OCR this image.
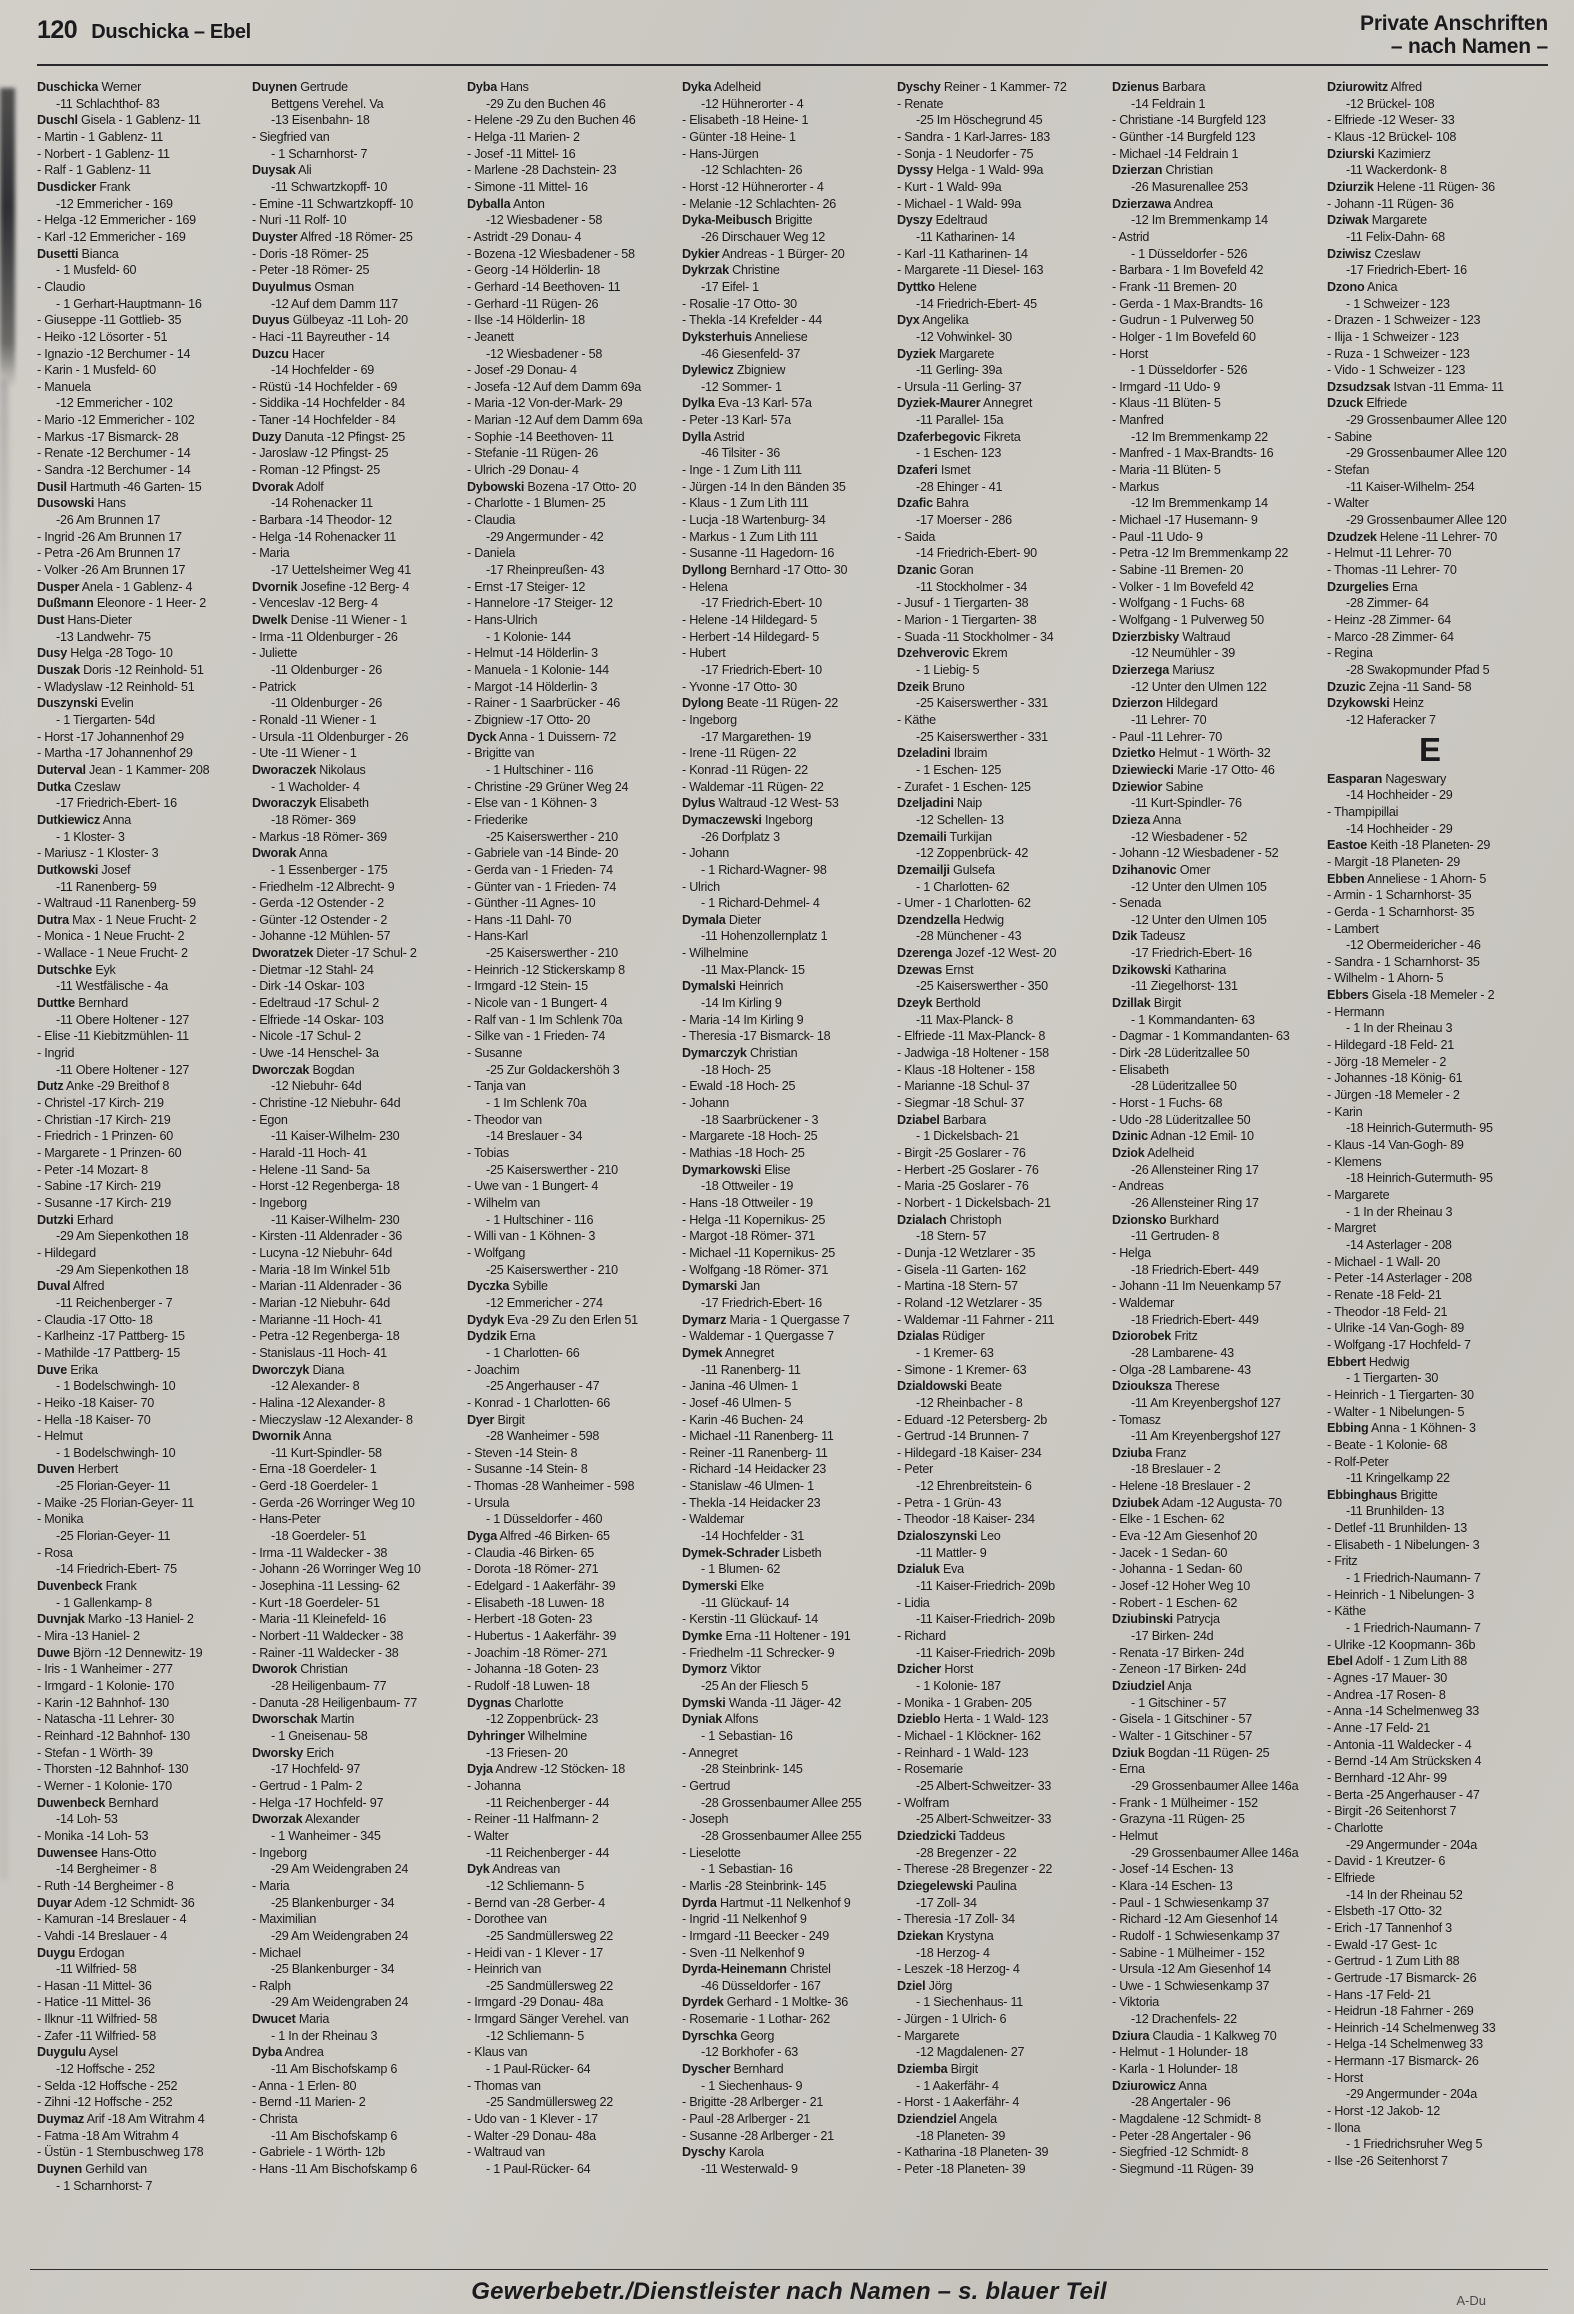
120 Duschicka – Ebel	Private Anschriften
– nach Namen –
Duschicka Werner
-11 Schlachthof- 83
Duschl Gisela - 1 Gablenz- 11
- Martin - 1 Gablenz- 11
- Norbert - 1 Gablenz- 11
- Ralf - 1 Gablenz- 11
Dusdicker Frank
-12 Emmericher - 169
- Helga -12 Emmericher - 169
- Karl -12 Emmericher - 169
Dusetti Bianca
- 1 Musfeld- 60
- Claudio
- 1 Gerhart-Hauptmann- 16
- Giuseppe -11 Gottlieb- 35
- Heiko -12 Lösorter - 51
- Ignazio -12 Berchumer - 14
- Karin - 1 Musfeld- 60
- Manuela
-12 Emmericher - 102
- Mario -12 Emmericher - 102
- Markus -17 Bismarck- 28
- Renate -12 Berchumer - 14
- Sandra -12 Berchumer - 14
Dusil Hartmuth -46 Garten- 15
Dusowski Hans
-26 Am Brunnen 17
- Ingrid -26 Am Brunnen 17
- Petra -26 Am Brunnen 17
- Volker -26 Am Brunnen 17
Dusper Anela - 1 Gablenz- 4
Dußmann Eleonore - 1 Heer- 2
Dust Hans-Dieter
-13 Landwehr- 75
Dusy Helga -28 Togo- 10
Duszak Doris -12 Reinhold- 51
- Wladyslaw -12 Reinhold- 51
Duszynski Evelin
- 1 Tiergarten- 54d
- Horst -17 Johannenhof 29
- Martha -17 Johannenhof 29
Duterval Jean - 1 Kammer- 208
Dutka Czeslaw
-17 Friedrich-Ebert- 16
Dutkiewicz Anna
- 1 Kloster- 3
- Mariusz - 1 Kloster- 3
Dutkowski Josef
-11 Ranenberg- 59
- Waltraud -11 Ranenberg- 59
Dutra Max - 1 Neue Frucht- 2
- Monica - 1 Neue Frucht- 2
- Wallace - 1 Neue Frucht- 2
Dutschke Eyk
-11 Westfälische - 4a
Duttke Bernhard
-11 Obere Holtener - 127
- Elise -11 Kiebitzmühlen- 11
- Ingrid
-11 Obere Holtener - 127
Dutz Anke -29 Breithof 8
- Christel -17 Kirch- 219
- Christian -17 Kirch- 219
- Friedrich - 1 Prinzen- 60
- Margarete - 1 Prinzen- 60
- Peter -14 Mozart- 8
- Sabine -17 Kirch- 219
- Susanne -17 Kirch- 219
Dutzki Erhard
-29 Am Siepenkothen 18
- Hildegard
-29 Am Siepenkothen 18
Duval Alfred
-11 Reichenberger - 7
- Claudia -17 Otto- 18
- Karlheinz -17 Pattberg- 15
- Mathilde -17 Pattberg- 15
Duve Erika
- 1 Bodelschwingh- 10
- Heiko -18 Kaiser- 70
- Hella -18 Kaiser- 70
- Helmut
- 1 Bodelschwingh- 10
Duven Herbert
-25 Florian-Geyer- 11
- Maike -25 Florian-Geyer- 11
- Monika
-25 Florian-Geyer- 11
- Rosa
-14 Friedrich-Ebert- 75
Duvenbeck Frank
- 1 Gallenkamp- 8
Duvnjak Marko -13 Haniel- 2
- Mira -13 Haniel- 2
Duwe Björn -12 Dennewitz- 19
- Iris - 1 Wanheimer - 277
- Irmgard - 1 Kolonie- 170
- Karin -12 Bahnhof- 130
- Natascha -11 Lehrer- 30
- Reinhard -12 Bahnhof- 130
- Stefan - 1 Wörth- 39
- Thorsten -12 Bahnhof- 130
- Werner - 1 Kolonie- 170
Duwenbeck Bernhard
-14 Loh- 53
- Monika -14 Loh- 53
Duwensee Hans-Otto
-14 Bergheimer - 8
- Ruth -14 Bergheimer - 8
Duyar Adem -12 Schmidt- 36
- Kamuran -14 Breslauer - 4
- Vahdi -14 Breslauer - 4
Duygu Erdogan
-11 Wilfried- 58
- Hasan -11 Mittel- 36
- Hatice -11 Mittel- 36
- Ilknur -11 Wilfried- 58
- Zafer -11 Wilfried- 58
Duygulu Aysel
-12 Hoffsche - 252
- Selda -12 Hoffsche - 252
- Zihni -12 Hoffsche - 252
Duymaz Arif -18 Am Witrahm 4
- Fatma -18 Am Witrahm 4
- Üstün - 1 Sternbuschweg 178
Duynen Gerhild van
- 1 Scharnhorst- 7
Duynen Gertrude
Bettgens Verehel. Va
-13 Eisenbahn- 18
- Siegfried van
- 1 Scharnhorst- 7
Duysak Ali
-11 Schwartzkopff- 10
- Emine -11 Schwartzkopff- 10
- Nuri -11 Rolf- 10
Duyster Alfred -18 Römer- 25
- Doris -18 Römer- 25
- Peter -18 Römer- 25
Duyulmus Osman
-12 Auf dem Damm 117
Duyus Gülbeyaz -11 Loh- 20
- Haci -11 Bayreuther - 14
Duzcu Hacer
-14 Hochfelder - 69
- Rüstü -14 Hochfelder - 69
- Siddika -14 Hochfelder - 84
- Taner -14 Hochfelder - 84
Duzy Danuta -12 Pfingst- 25
- Jaroslaw -12 Pfingst- 25
- Roman -12 Pfingst- 25
Dvorak Adolf
-14 Rohenacker 11
- Barbara -14 Theodor- 12
- Helga -14 Rohenacker 11
- Maria
-17 Uettelsheimer Weg 41
Dvornik Josefine -12 Berg- 4
- Venceslav -12 Berg- 4
Dwelk Denise -11 Wiener - 1
- Irma -11 Oldenburger - 26
- Juliette
-11 Oldenburger - 26
- Patrick
-11 Oldenburger - 26
- Ronald -11 Wiener - 1
- Ursula -11 Oldenburger - 26
- Ute -11 Wiener - 1
Dworaczek Nikolaus
- 1 Wacholder- 4
Dworaczyk Elisabeth
-18 Römer- 369
- Markus -18 Römer- 369
Dworak Anna
- 1 Essenberger - 175
- Friedhelm -12 Albrecht- 9
- Gerda -12 Ostender - 2
- Günter -12 Ostender - 2
- Johanne -12 Mühlen- 57
Dworatzek Dieter -17 Schul- 2
- Dietmar -12 Stahl- 24
- Dirk -14 Oskar- 103
- Edeltraud -17 Schul- 2
- Elfriede -14 Oskar- 103
- Nicole -17 Schul- 2
- Uwe -14 Henschel- 3a
Dworczak Bogdan
-12 Niebuhr- 64d
- Christine -12 Niebuhr- 64d
- Egon
-11 Kaiser-Wilhelm- 230
- Harald -11 Hoch- 41
- Helene -11 Sand- 5a
- Horst -12 Regenberga- 18
- Ingeborg
-11 Kaiser-Wilhelm- 230
- Kirsten -11 Aldenrader - 36
- Lucyna -12 Niebuhr- 64d
- Maria -18 Im Winkel 51b
- Marian -11 Aldenrader - 36
- Marian -12 Niebuhr- 64d
- Marianne -11 Hoch- 41
- Petra -12 Regenberga- 18
- Stanislaus -11 Hoch- 41
Dworczyk Diana
-12 Alexander- 8
- Halina -12 Alexander- 8
- Mieczyslaw -12 Alexander- 8
Dwornik Anna
-11 Kurt-Spindler- 58
- Erna -18 Goerdeler- 1
- Gerd -18 Goerdeler- 1
- Gerda -26 Worringer Weg 10
- Hans-Peter
-18 Goerdeler- 51
- Irma -11 Waldecker - 38
- Johann -26 Worringer Weg 10
- Josephina -11 Lessing- 62
- Kurt -18 Goerdeler- 51
- Maria -11 Kleinefeld- 16
- Norbert -11 Waldecker - 38
- Rainer -11 Waldecker - 38
Dworok Christian
-28 Heiligenbaum- 77
- Danuta -28 Heiligenbaum- 77
Dworschak Martin
- 1 Gneisenau- 58
Dworsky Erich
-17 Hochfeld- 97
- Gertrud - 1 Palm- 2
- Helga -17 Hochfeld- 97
Dworzak Alexander
- 1 Wanheimer - 345
- Ingeborg
-29 Am Weidengraben 24
- Maria
-25 Blankenburger - 34
- Maximilian
-29 Am Weidengraben 24
- Michael
-25 Blankenburger - 34
- Ralph
-29 Am Weidengraben 24
Dwucet Maria
- 1 In der Rheinau 3
Dyba Andrea
-11 Am Bischofskamp 6
- Anna - 1 Erlen- 80
- Bernd -11 Marien- 2
- Christa
-11 Am Bischofskamp 6
- Gabriele - 1 Wörth- 12b
- Hans -11 Am Bischofskamp 6
Dyba Hans
-29 Zu den Buchen 46
- Helene -29 Zu den Buchen 46
- Helga -11 Marien- 2
- Josef -11 Mittel- 16
- Marlene -28 Dachstein- 23
- Simone -11 Mittel- 16
Dyballa Anton
-12 Wiesbadener - 58
- Astridt -29 Donau- 4
- Bozena -12 Wiesbadener - 58
- Georg -14 Hölderlin- 18
- Gerhard -14 Beethoven- 11
- Gerhard -11 Rügen- 26
- Ilse -14 Hölderlin- 18
- Jeanett
-12 Wiesbadener - 58
- Josef -29 Donau- 4
- Josefa -12 Auf dem Damm 69a
- Maria -12 Von-der-Mark- 29
- Marian -12 Auf dem Damm 69a
- Sophie -14 Beethoven- 11
- Stefanie -11 Rügen- 26
- Ulrich -29 Donau- 4
Dybowski Bozena -17 Otto- 20
- Charlotte - 1 Blumen- 25
- Claudia
-29 Angermunder - 42
- Daniela
-17 Rheinpreußen- 43
- Ernst -17 Steiger- 12
- Hannelore -17 Steiger- 12
- Hans-Ulrich
- 1 Kolonie- 144
- Helmut -14 Hölderlin- 3
- Manuela - 1 Kolonie- 144
- Margot -14 Hölderlin- 3
- Rainer - 1 Saarbrücker - 46
- Zbigniew -17 Otto- 20
Dyck Anna - 1 Duissern- 72
- Brigitte van
- 1 Hultschiner - 116
- Christine -29 Grüner Weg 24
- Else van - 1 Köhnen- 3
- Friederike
-25 Kaiserswerther - 210
- Gabriele van -14 Binde- 20
- Gerda van - 1 Frieden- 74
- Günter van - 1 Frieden- 74
- Günther -11 Agnes- 10
- Hans -11 Dahl- 70
- Hans-Karl
-25 Kaiserswerther - 210
- Heinrich -12 Stickerskamp 8
- Irmgard -12 Stein- 15
- Nicole van - 1 Bungert- 4
- Ralf van - 1 Im Schlenk 70a
- Silke van - 1 Frieden- 74
- Susanne
-25 Zur Goldackershöh 3
- Tanja van
- 1 Im Schlenk 70a
- Theodor van
-14 Breslauer - 34
- Tobias
-25 Kaiserswerther - 210
- Uwe van - 1 Bungert- 4
- Wilhelm van
- 1 Hultschiner - 116
- Willi van - 1 Köhnen- 3
- Wolfgang
-25 Kaiserswerther - 210
Dyczka Sybille
-12 Emmericher - 274
Dydyk Eva -29 Zu den Erlen 51
Dydzik Erna
- 1 Charlotten- 66
- Joachim
-25 Angerhauser - 47
- Konrad - 1 Charlotten- 66
Dyer Birgit
-28 Wanheimer - 598
- Steven -14 Stein- 8
- Susanne -14 Stein- 8
- Thomas -28 Wanheimer - 598
- Ursula
- 1 Düsseldorfer - 460
Dyga Alfred -46 Birken- 65
- Claudia -46 Birken- 65
- Dorota -18 Römer- 271
- Edelgard - 1 Aakerfähr- 39
- Elisabeth -18 Luwen- 18
- Herbert -18 Goten- 23
- Hubertus - 1 Aakerfähr- 39
- Joachim -18 Römer- 271
- Johanna -18 Goten- 23
- Rudolf -18 Luwen- 18
Dygnas Charlotte
-12 Zoppenbrück- 23
Dyhringer Wilhelmine
-13 Friesen- 20
Dyja Andrew -12 Stöcken- 18
- Johanna
-11 Reichenberger - 44
- Reiner -11 Halfmann- 2
- Walter
-11 Reichenberger - 44
Dyk Andreas van
-12 Schliemann- 5
- Bernd van -28 Gerber- 4
- Dorothee van
-25 Sandmüllersweg 22
- Heidi van - 1 Klever - 17
- Heinrich van
-25 Sandmüllersweg 22
- Irmgard -29 Donau- 48a
- Irmgard Sänger Verehel. van
-12 Schliemann- 5
- Klaus van
- 1 Paul-Rücker- 64
- Thomas van
-25 Sandmüllersweg 22
- Udo van - 1 Klever - 17
- Walter -29 Donau- 48a
- Waltraud van
- 1 Paul-Rücker- 64
Dyka Adelheid
-12 Hühnerorter - 4
- Elisabeth -18 Heine- 1
- Günter -18 Heine- 1
- Hans-Jürgen
-12 Schlachten- 26
- Horst -12 Hühnerorter - 4
- Melanie -12 Schlachten- 26
Dyka-Meibusch Brigitte
-26 Dirschauer Weg 12
Dykier Andreas - 1 Bürger- 20
Dykrzak Christine
-17 Eifel- 1
- Rosalie -17 Otto- 30
- Thekla -14 Krefelder - 44
Dyksterhuis Anneliese
-46 Giesenfeld- 37
Dylewicz Zbigniew
-12 Sommer- 1
Dylka Eva -13 Karl- 57a
- Peter -13 Karl- 57a
Dylla Astrid
-46 Tilsiter - 36
- Inge - 1 Zum Lith 111
- Jürgen -14 In den Bänden 35
- Klaus - 1 Zum Lith 111
- Lucja -18 Wartenburg- 34
- Markus - 1 Zum Lith 111
- Susanne -11 Hagedorn- 16
Dyllong Bernhard -17 Otto- 30
- Helena
-17 Friedrich-Ebert- 10
- Helene -14 Hildegard- 5
- Herbert -14 Hildegard- 5
- Hubert
-17 Friedrich-Ebert- 10
- Yvonne -17 Otto- 30
Dylong Beate -11 Rügen- 22
- Ingeborg
-17 Margarethen- 19
- Irene -11 Rügen- 22
- Konrad -11 Rügen- 22
- Waldemar -11 Rügen- 22
Dylus Waltraud -12 West- 53
Dymaczewski Ingeborg
-26 Dorfplatz 3
- Johann
- 1 Richard-Wagner- 98
- Ulrich
- 1 Richard-Dehmel- 4
Dymala Dieter
-11 Hohenzollernplatz 1
- Wilhelmine
-11 Max-Planck- 15
Dymalski Heinrich
-14 Im Kirling 9
- Maria -14 Im Kirling 9
- Theresia -17 Bismarck- 18
Dymarczyk Christian
-18 Hoch- 25
- Ewald -18 Hoch- 25
- Johann
-18 Saarbrückener - 3
- Margarete -18 Hoch- 25
- Mathias -18 Hoch- 25
Dymarkowski Elise
-18 Ottweiler - 19
- Hans -18 Ottweiler - 19
- Helga -11 Kopernikus- 25
- Margot -18 Römer- 371
- Michael -11 Kopernikus- 25
- Wolfgang -18 Römer- 371
Dymarski Jan
-17 Friedrich-Ebert- 16
Dymarz Maria - 1 Quergasse 7
- Waldemar - 1 Quergasse 7
Dymek Annegret
-11 Ranenberg- 11
- Janina -46 Ulmen- 1
- Josef -46 Ulmen- 5
- Karin -46 Buchen- 24
- Michael -11 Ranenberg- 11
- Reiner -11 Ranenberg- 11
- Richard -14 Heidacker 23
- Stanislaw -46 Ulmen- 1
- Thekla -14 Heidacker 23
- Waldemar
-14 Hochfelder - 31
Dymek-Schrader Lisbeth
- 1 Blumen- 62
Dymerski Elke
-11 Glückauf- 14
- Kerstin -11 Glückauf- 14
Dymke Erna -11 Holtener - 191
- Friedhelm -11 Schrecker- 9
Dymorz Viktor
-25 An der Fliesch 5
Dymski Wanda -11 Jäger- 42
Dyniak Alfons
- 1 Sebastian- 16
- Annegret
-28 Steinbrink- 145
- Gertrud
-28 Grossenbaumer Allee 255
- Joseph
-28 Grossenbaumer Allee 255
- Lieselotte
- 1 Sebastian- 16
- Marlis -28 Steinbrink- 145
Dyrda Hartmut -11 Nelkenhof 9
- Ingrid -11 Nelkenhof 9
- Irmgard -11 Beecker - 249
- Sven -11 Nelkenhof 9
Dyrda-Heinemann Christel
-46 Düsseldorfer - 167
Dyrdek Gerhard - 1 Moltke- 36
- Rosemarie - 1 Lothar- 262
Dyrschka Georg
-12 Borkhofer - 63
Dyscher Bernhard
- 1 Siechenhaus- 9
- Brigitte -28 Arlberger - 21
- Paul -28 Arlberger - 21
- Susanne -28 Arlberger - 21
Dyschy Karola
-11 Westerwald- 9
Dyschy Reiner - 1 Kammer- 72
- Renate
-25 Im Höschegrund 45
- Sandra - 1 Karl-Jarres- 183
- Sonja - 1 Neudorfer - 75
Dyssy Helga - 1 Wald- 99a
- Kurt - 1 Wald- 99a
- Michael - 1 Wald- 99a
Dyszy Edeltraud
-11 Katharinen- 14
- Karl -11 Katharinen- 14
- Margarete -11 Diesel- 163
Dyttko Helene
-14 Friedrich-Ebert- 45
Dyx Angelika
-12 Vohwinkel- 30
Dyziek Margarete
-11 Gerling- 39a
- Ursula -11 Gerling- 37
Dyziek-Maurer Annegret
-11 Parallel- 15a
Dzaferbegovic Fikreta
- 1 Eschen- 123
Dzaferi Ismet
-28 Ehinger - 41
Dzafic Bahra
-17 Moerser - 286
- Saida
-14 Friedrich-Ebert- 90
Dzanic Goran
-11 Stockholmer - 34
- Jusuf - 1 Tiergarten- 38
- Marion - 1 Tiergarten- 38
- Suada -11 Stockholmer - 34
Dzehverovic Ekrem
- 1 Liebig- 5
Dzeik Bruno
-25 Kaiserswerther - 331
- Käthe
-25 Kaiserswerther - 331
Dzeladini Ibraim
- 1 Eschen- 125
- Zurafet - 1 Eschen- 125
Dzeljadini Naip
-12 Schellen- 13
Dzemaili Turkijan
-12 Zoppenbrück- 42
Dzemailji Gulsefa
- 1 Charlotten- 62
- Umer - 1 Charlotten- 62
Dzendzella Hedwig
-28 Münchener - 43
Dzerenga Jozef -12 West- 20
Dzewas Ernst
-25 Kaiserswerther - 350
Dzeyk Berthold
-11 Max-Planck- 8
- Elfriede -11 Max-Planck- 8
- Jadwiga -18 Holtener - 158
- Klaus -18 Holtener - 158
- Marianne -18 Schul- 37
- Siegmar -18 Schul- 37
Dziabel Barbara
- 1 Dickelsbach- 21
- Birgit -25 Goslarer - 76
- Herbert -25 Goslarer - 76
- Maria -25 Goslarer - 76
- Norbert - 1 Dickelsbach- 21
Dzialach Christoph
-18 Stern- 57
- Dunja -12 Wetzlarer - 35
- Gisela -11 Garten- 162
- Martina -18 Stern- 57
- Roland -12 Wetzlarer - 35
- Waldemar -11 Fahrner - 211
Dzialas Rüdiger
- 1 Kremer- 63
- Simone - 1 Kremer- 63
Dzialdowski Beate
-12 Rheinbacher - 8
- Eduard -12 Petersberg- 2b
- Gertrud -14 Brunnen- 7
- Hildegard -18 Kaiser- 234
- Peter
-12 Ehrenbreitstein- 6
- Petra - 1 Grün- 43
- Theodor -18 Kaiser- 234
Dzialoszynski Leo
-11 Mattler- 9
Dzialuk Eva
-11 Kaiser-Friedrich- 209b
- Lidia
-11 Kaiser-Friedrich- 209b
- Richard
-11 Kaiser-Friedrich- 209b
Dzicher Horst
- 1 Kolonie- 187
- Monika - 1 Graben- 205
Dzieblo Herta - 1 Wald- 123
- Michael - 1 Klöckner- 162
- Reinhard - 1 Wald- 123
- Rosemarie
-25 Albert-Schweitzer- 33
- Wolfram
-25 Albert-Schweitzer- 33
Dziedzicki Taddeus
-28 Bregenzer - 22
- Therese -28 Bregenzer - 22
Dziegelewski Paulina
-17 Zoll- 34
- Theresia -17 Zoll- 34
Dziekan Krystyna
-18 Herzog- 4
- Leszek -18 Herzog- 4
Dziel Jörg
- 1 Siechenhaus- 11
- Jürgen - 1 Ulrich- 6
- Margarete
-12 Magdalenen- 27
Dziemba Birgit
- 1 Aakerfähr- 4
- Horst - 1 Aakerfähr- 4
Dziendziel Angela
-18 Planeten- 39
- Katharina -18 Planeten- 39
- Peter -18 Planeten- 39
Dzienus Barbara
-14 Feldrain 1
- Christiane -14 Burgfeld 123
- Günther -14 Burgfeld 123
- Michael -14 Feldrain 1
Dzierzan Christian
-26 Masurenallee 253
Dzierzawa Andrea
-12 Im Bremmenkamp 14
- Astrid
- 1 Düsseldorfer - 526
- Barbara - 1 Im Bovefeld 42
- Frank -11 Bremen- 20
- Gerda - 1 Max-Brandts- 16
- Gudrun - 1 Pulverweg 50
- Holger - 1 Im Bovefeld 60
- Horst
- 1 Düsseldorfer - 526
- Irmgard -11 Udo- 9
- Klaus -11 Blüten- 5
- Manfred
-12 Im Bremmenkamp 22
- Manfred - 1 Max-Brandts- 16
- Maria -11 Blüten- 5
- Markus
-12 Im Bremmenkamp 14
- Michael -17 Husemann- 9
- Paul -11 Udo- 9
- Petra -12 Im Bremmenkamp 22
- Sabine -11 Bremen- 20
- Volker - 1 Im Bovefeld 42
- Wolfgang - 1 Fuchs- 68
- Wolfgang - 1 Pulverweg 50
Dzierzbisky Waltraud
-12 Neumühler - 39
Dzierzega Mariusz
-12 Unter den Ulmen 122
Dzierzon Hildegard
-11 Lehrer- 70
- Paul -11 Lehrer- 70
Dzietko Helmut - 1 Wörth- 32
Dziewiecki Marie -17 Otto- 46
Dziewior Sabine
-11 Kurt-Spindler- 76
Dzieza Anna
-12 Wiesbadener - 52
- Johann -12 Wiesbadener - 52
Dzihanovic Omer
-12 Unter den Ulmen 105
- Senada
-12 Unter den Ulmen 105
Dzik Tadeusz
-17 Friedrich-Ebert- 16
Dzikowski Katharina
-11 Ziegelhorst- 131
Dzillak Birgit
- 1 Kommandanten- 63
- Dagmar - 1 Kommandanten- 63
- Dirk -28 Lüderitzallee 50
- Elisabeth
-28 Lüderitzallee 50
- Horst - 1 Fuchs- 68
- Udo -28 Lüderitzallee 50
Dzinic Adnan -12 Emil- 10
Dziok Adelheid
-26 Allensteiner Ring 17
- Andreas
-26 Allensteiner Ring 17
Dzionsko Burkhard
-11 Gertruden- 8
- Helga
-18 Friedrich-Ebert- 449
- Johann -11 Im Neuenkamp 57
- Waldemar
-18 Friedrich-Ebert- 449
Dziorobek Fritz
-28 Lambarene- 43
- Olga -28 Lambarene- 43
Dzioukszа Therese
-11 Am Kreyenbergshof 127
- Tomasz
-11 Am Kreyenbergshof 127
Dziuba Franz
-18 Breslauer - 2
- Helene -18 Breslauer - 2
Dziubek Adam -12 Augusta- 70
- Elke - 1 Eschen- 62
- Eva -12 Am Giesenhof 20
- Jacek - 1 Sedan- 60
- Johanna - 1 Sedan- 60
- Josef -12 Hoher Weg 10
- Robert - 1 Eschen- 62
Dziubinski Patrycja
-17 Birken- 24d
- Renata -17 Birken- 24d
- Zeneon -17 Birken- 24d
Dziudziel Anja
- 1 Gitschiner - 57
- Gisela - 1 Gitschiner - 57
- Walter - 1 Gitschiner - 57
Dziuk Bogdan -11 Rügen- 25
- Erna
-29 Grossenbaumer Allee 146a
- Frank - 1 Mülheimer - 152
- Grazyna -11 Rügen- 25
- Helmut
-29 Grossenbaumer Allee 146a
- Josef -14 Eschen- 13
- Klara -14 Eschen- 13
- Paul - 1 Schwiesenkamp 37
- Richard -12 Am Giesenhof 14
- Rudolf - 1 Schwiesenkamp 37
- Sabine - 1 Mülheimer - 152
- Ursula -12 Am Giesenhof 14
- Uwe - 1 Schwiesenkamp 37
- Viktoria
-12 Drachenfels- 22
Dziura Claudia - 1 Kalkweg 70
- Helmut - 1 Holunder- 18
- Karla - 1 Holunder- 18
Dziurowicz Anna
-28 Angertaler - 96
- Magdalene -12 Schmidt- 8
- Peter -28 Angertaler - 96
- Siegfried -12 Schmidt- 8
- Siegmund -11 Rügen- 39
Dziurowitz Alfred
-12 Brückel- 108
- Elfriede -12 Weser- 33
- Klaus -12 Brückel- 108
Dziurski Kazimierz
-11 Wackerdonk- 8
Dziurzik Helene -11 Rügen- 36
- Johann -11 Rügen- 36
Dziwak Margarete
-11 Felix-Dahn- 68
Dziwisz Czeslaw
-17 Friedrich-Ebert- 16
Dzono Anica
- 1 Schweizer - 123
- Drazen - 1 Schweizer - 123
- Ilija - 1 Schweizer - 123
- Ruza - 1 Schweizer - 123
- Vido - 1 Schweizer - 123
Dzsudzsak Istvan -11 Emma- 11
Dzuck Elfriede
-29 Grossenbaumer Allee 120
- Sabine
-29 Grossenbaumer Allee 120
- Stefan
-11 Kaiser-Wilhelm- 254
- Walter
-29 Grossenbaumer Allee 120
Dzudzek Helene -11 Lehrer- 70
- Helmut -11 Lehrer- 70
- Thomas -11 Lehrer- 70
Dzurgelies Erna
-28 Zimmer- 64
- Heinz -28 Zimmer- 64
- Marco -28 Zimmer- 64
- Regina
-28 Swakopmunder Pfad 5
Dzuzic Zejna -11 Sand- 58
Dzykowski Heinz
-12 Haferacker 7
E
Easparan Nageswary
-14 Hochheider - 29
- Thampipillai
-14 Hochheider - 29
Eastoe Keith -18 Planeten- 29
- Margit -18 Planeten- 29
Ebben Anneliese - 1 Ahorn- 5
- Armin - 1 Scharnhorst- 35
- Gerda - 1 Scharnhorst- 35
- Lambert
-12 Obermeidericher - 46
- Sandra - 1 Scharnhorst- 35
- Wilhelm - 1 Ahorn- 5
Ebbers Gisela -18 Memeler - 2
- Hermann
- 1 In der Rheinau 3
- Hildegard -18 Feld- 21
- Jörg -18 Memeler - 2
- Johannes -18 König- 61
- Jürgen -18 Memeler - 2
- Karin
-18 Heinrich-Gutermuth- 95
- Klaus -14 Van-Gogh- 89
- Klemens
-18 Heinrich-Gutermuth- 95
- Margarete
- 1 In der Rheinau 3
- Margret
-14 Asterlager - 208
- Michael - 1 Wall- 20
- Peter -14 Asterlager - 208
- Renate -18 Feld- 21
- Theodor -18 Feld- 21
- Ulrike -14 Van-Gogh- 89
- Wolfgang -17 Hochfeld- 7
Ebbert Hedwig
- 1 Tiergarten- 30
- Heinrich - 1 Tiergarten- 30
- Walter - 1 Nibelungen- 5
Ebbing Anna - 1 Köhnen- 3
- Beate - 1 Kolonie- 68
- Rolf-Peter
-11 Kringelkamp 22
Ebbinghaus Brigitte
-11 Brunhilden- 13
- Detlef -11 Brunhilden- 13
- Elisabeth - 1 Nibelungen- 3
- Fritz
- 1 Friedrich-Naumann- 7
- Heinrich - 1 Nibelungen- 3
- Käthe
- 1 Friedrich-Naumann- 7
- Ulrike -12 Koopmann- 36b
Ebel Adolf - 1 Zum Lith 88
- Agnes -17 Mauer- 30
- Andrea -17 Rosen- 8
- Anna -14 Schelmenweg 33
- Anne -17 Feld- 21
- Antonia -11 Waldecker - 4
- Bernd -14 Am Strücksken 4
- Bernhard -12 Ahr- 99
- Berta -25 Angerhauser - 47
- Birgit -26 Seitenhorst 7
- Charlotte
-29 Angermunder - 204a
- David - 1 Kreutzer- 6
- Elfriede
-14 In der Rheinau 52
- Elsbeth -17 Otto- 32
- Erich -17 Tannenhof 3
- Ewald -17 Gest- 1c
- Gertrud - 1 Zum Lith 88
- Gertrude -17 Bismarck- 26
- Hans -17 Feld- 21
- Heidrun -18 Fahrner - 269
- Heinrich -14 Schelmenweg 33
- Helga -14 Schelmenweg 33
- Hermann -17 Bismarck- 26
- Horst
-29 Angermunder - 204a
- Horst -12 Jakob- 12
- Ilona
- 1 Friedrichsruher Weg 5
- Ilse -26 Seitenhorst 7
Gewerbebetr./Dienstleister nach Namen – s. blauer Teil	A-Du
